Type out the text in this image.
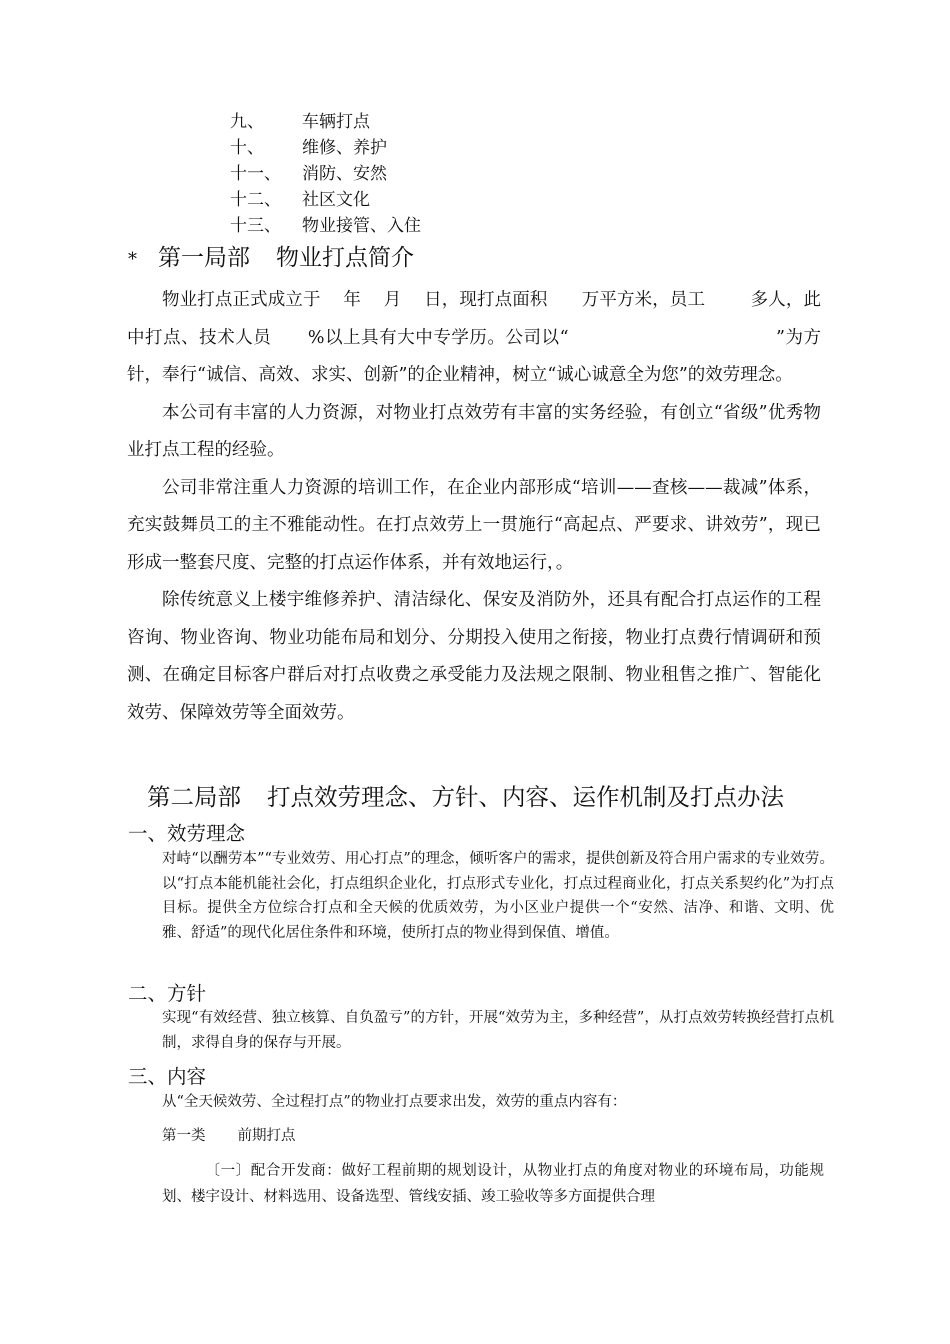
九、 车辆打点
十、 维修、养护
十一、 消防、安然
十二、 社区文化
十三、 物业接管、入住
* 第一局部 物业打点简介

物业打点正式成立于    年    月    日，现打点面积      万平方米，员工        多人，此中打点、技术人员      %以上具有大中专学历。公司以“                                  ”为方针，奉行“诚信、高效、求实、创新”的企业精神，树立“诚心诚意全为您”的效劳理念。

本公司有丰富的人力资源，对物业打点效劳有丰富的实务经验，有创立“省级”优秀物业打点工程的经验。

公司非常注重人力资源的培训工作，在企业内部形成“培训——查核——裁减”体系，充实鼓舞员工的主不雅能动性。在打点效劳上一贯施行“高起点、严要求、讲效劳”，现已形成一整套尺度、完整的打点运作体系，并有效地运行，。

除传统意义上楼宇维修养护、清洁绿化、保安及消防外，还具有配合打点运作的工程咨询、物业咨询、物业功能布局和划分、分期投入使用之衔接，物业打点费行情调研和预测、在确定目标客户群后对打点收费之承受能力及法规之限制、物业租售之推广、智能化效劳、保障效劳等全面效劳。

第二局部 打点效劳理念、方针、内容、运作机制及打点办法
一、效劳理念

对峙“以酬劳本”“专业效劳、用心打点”的理念，倾听客户的需求，提供创新及符合用户需求的专业效劳。以“打点本能机能社会化，打点组织企业化，打点形式专业化，打点过程商业化，打点关系契约化”为打点目标。提供全方位综合打点和全天候的优质效劳，为小区业户提供一个“安然、洁净、和谐、文明、优雅、舒适”的现代化居住条件和环境，使所打点的物业得到保值、增值。

二、方针

实现“有效经营、独立核算、自负盈亏”的方针，开展“效劳为主，多种经营”，从打点效劳转换经营打点机制，求得自身的保存与开展。

三、内容

从“全天候效劳、全过程打点”的物业打点要求出发，效劳的重点内容有：

第一类 前期打点

〔一〕配合开发商：做好工程前期的规划设计，从物业打点的角度对物业的环境布局，功能规划、楼宇设计、材料选用、设备选型、管线安插、竣工验收等多方面提供合理
